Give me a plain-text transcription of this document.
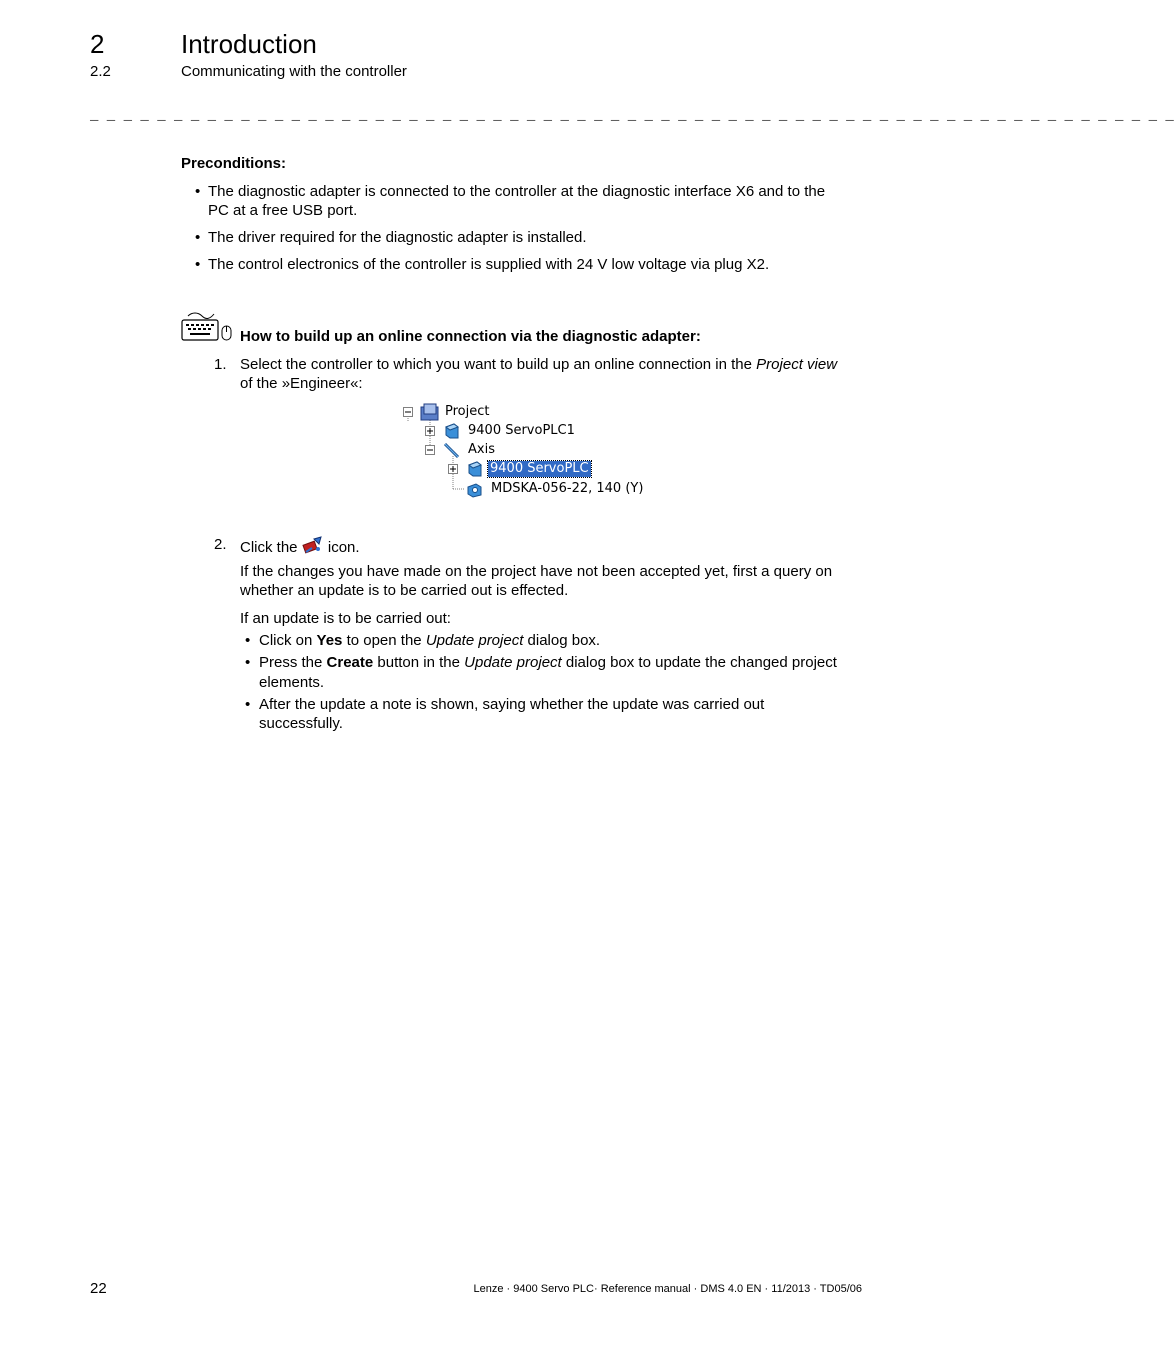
2	Introduction
2.2	Communicating with the controller
_ _ _ _ _ _ _ _ _ _ _ _ _ _ _ _ _ _ _ _ _ _ _ _ _ _ _ _ _ _ _ _ _ _ _ _ _ _ _ _ _ _ _ _ _ _ _ _ _ _ _ _ _ _ _ _ _ _ _ _ _ _ _ _ _
Preconditions:
• The diagnostic adapter is connected to the controller at the diagnostic interface X6 and to the
PC at a free USB port.
• The driver required for the diagnostic adapter is installed.
• The control electronics of the controller is supplied with 24 V low voltage via plug X2.
How to build up an online connection via the diagnostic adapter:
1. Select the controller to which you want to build up an online connection in the Project view
of the »Engineer«:
Project
9400 ServoPLC1
Axis
9400 ServoPLC
MDSKA-056-22, 140 (Y)
2. Click the  icon.
If the changes you have made on the project have not been accepted yet, first a query on
whether an update is to be carried out is effected.
If an update is to be carried out:
• Click on Yes to open the Update project dialog box.
• Press the Create button in the Update project dialog box to update the changed project
elements.
• After the update a note is shown, saying whether the update was carried out
successfully.
22	Lenze · 9400 Servo PLC· Reference manual · DMS 4.0 EN · 11/2013 · TD05/06
